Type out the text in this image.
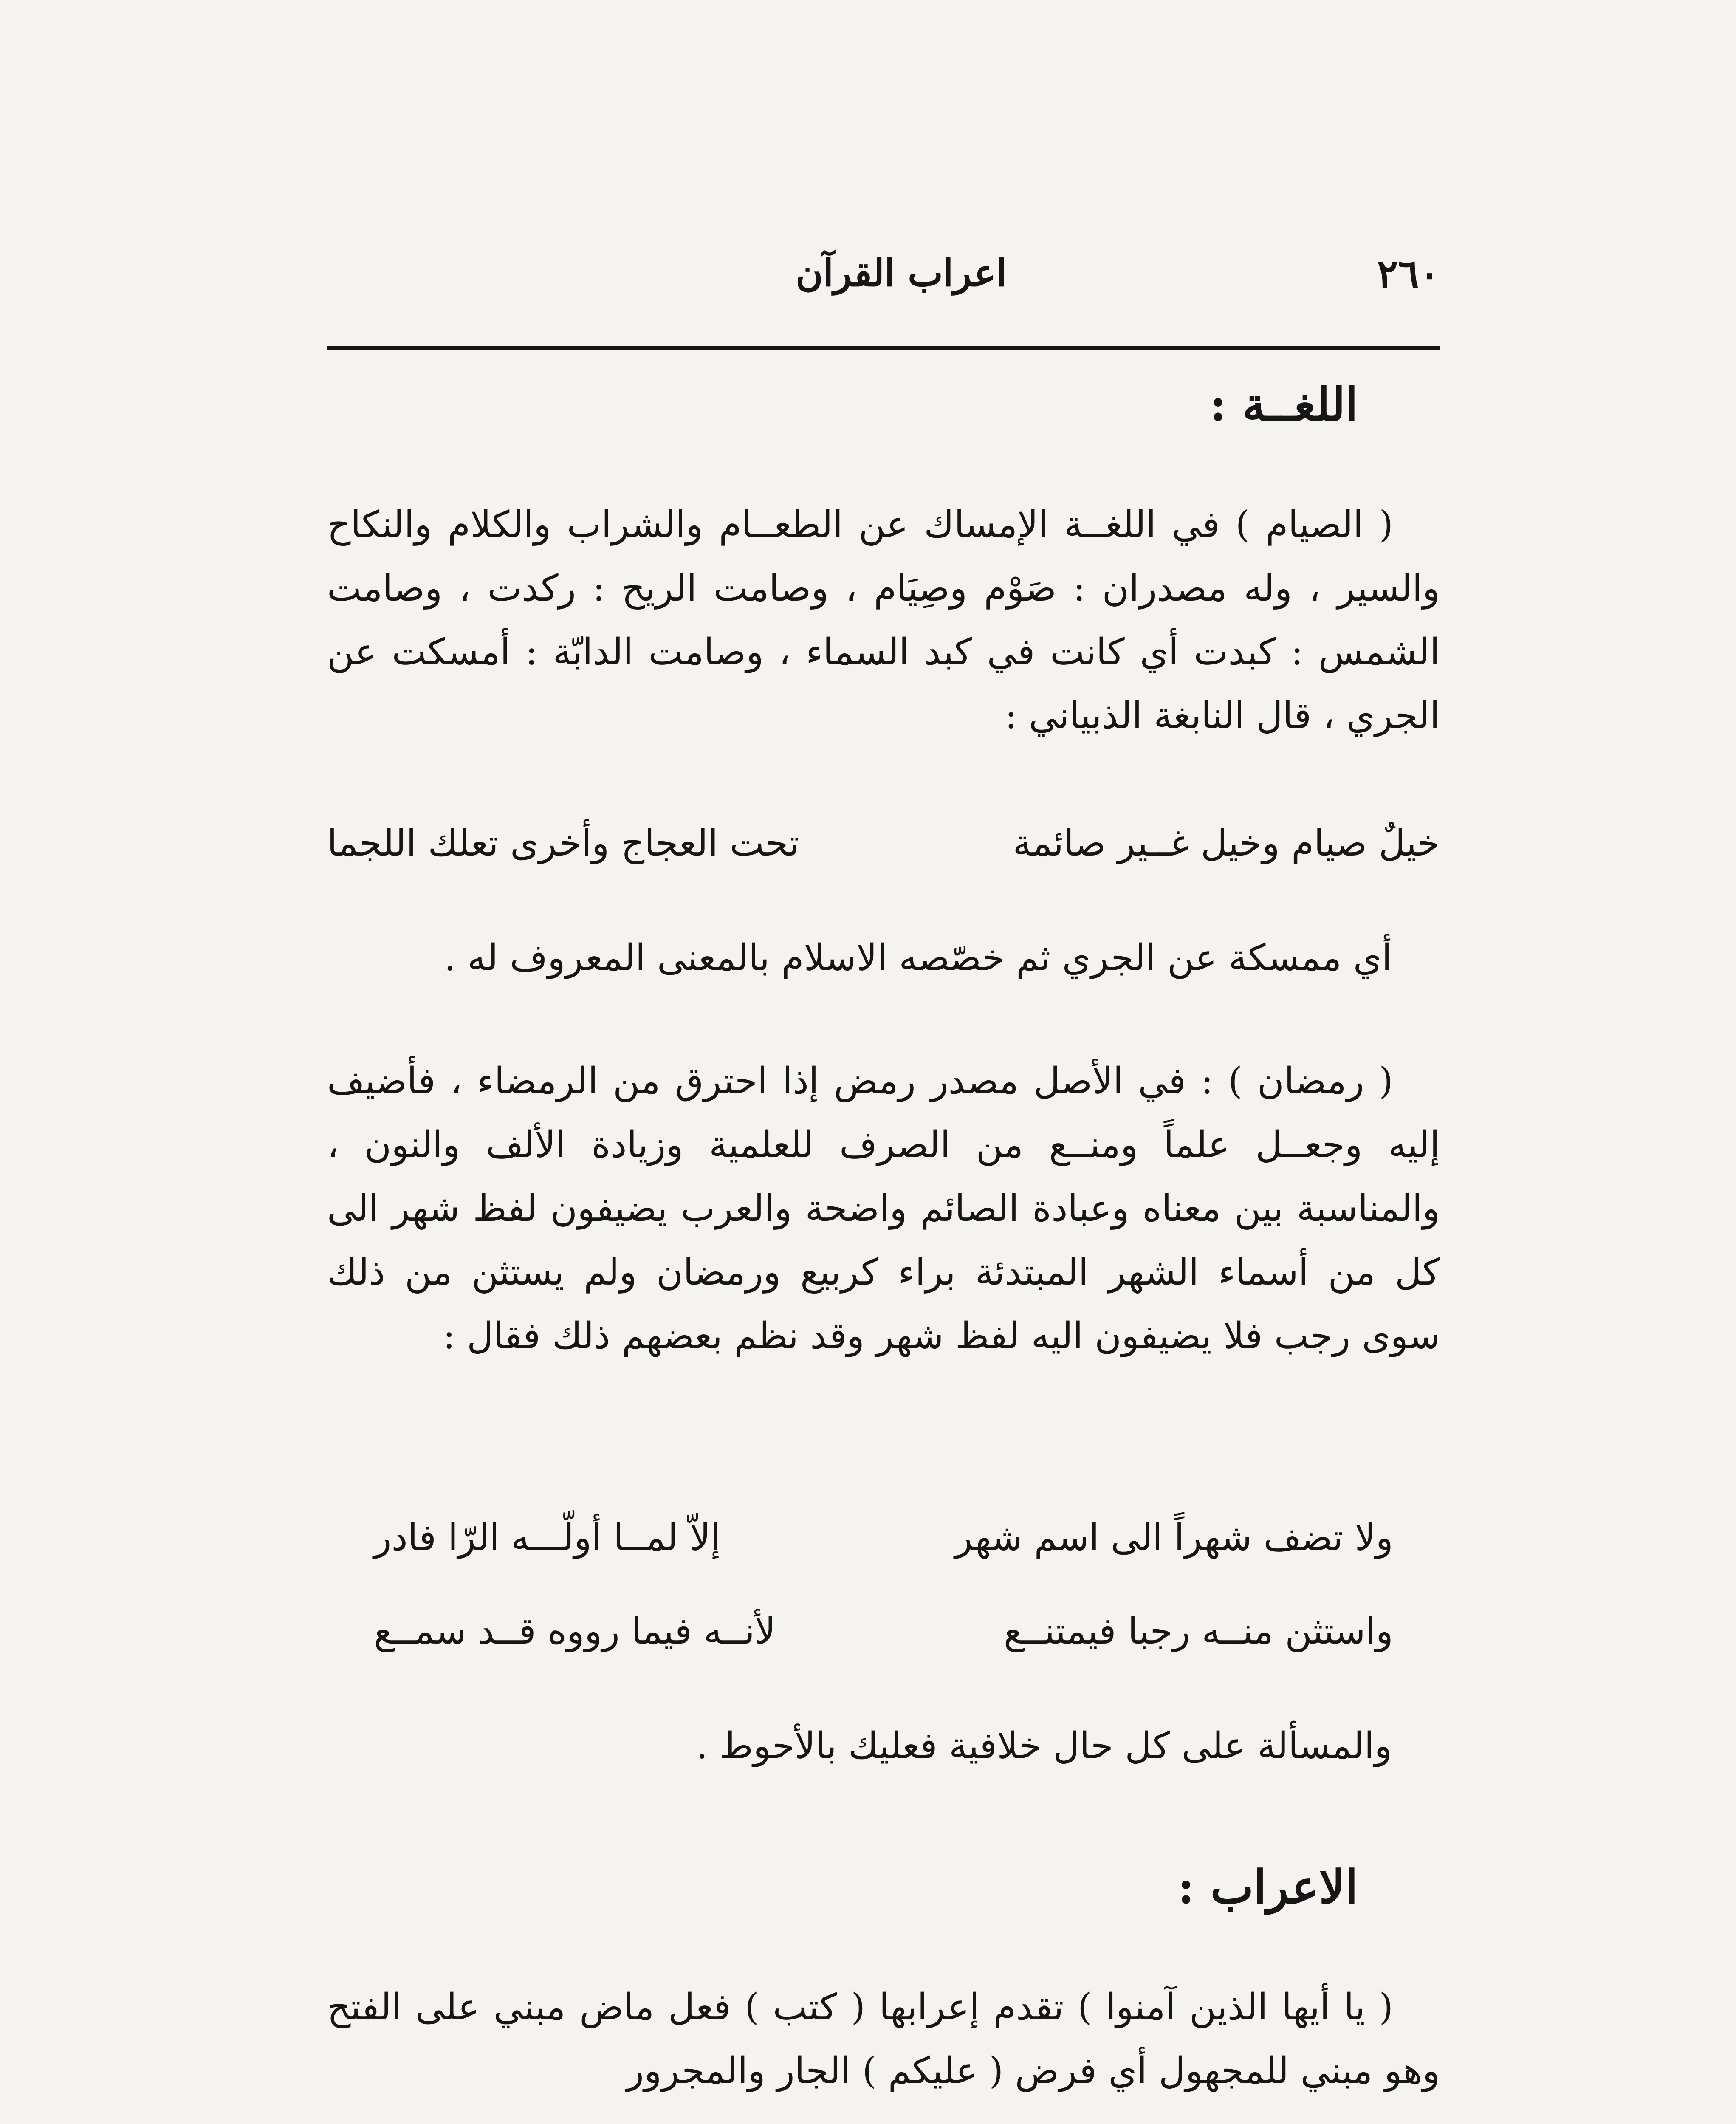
٢٦٠
اعراب القرآن
اللغــة :
( الصيام ) في اللغــة الإمساك عن الطعــام والشراب والكلام والنكاح والسير ، وله مصدران : صَوْم وصِيَام ، وصامت الريح : ركدت ، وصامت الشمس : كبدت أي كانت في كبد السماء ، وصامت الدابّة : أمسكت عن الجري ، قال النابغة الذبياني :
خيلٌ صيام وخيل غــير صائمة
تحت العجاج وأخرى تعلك اللجما
أي ممسكة عن الجري ثم خصّصه الاسلام بالمعنى المعروف له .
( رمضان ) : في الأصل مصدر رمض إذا احترق من الرمضاء ، فأضيف إليه وجعــل علماً ومنــع من الصرف للعلمية وزيادة الألف والنون ، والمناسبة بين معناه وعبادة الصائم واضحة والعرب يضيفون لفظ شهر الى كل من أسماء الشهر المبتدئة براء كربيع ورمضان ولم يستثن من ذلك سوى رجب فلا يضيفون اليه لفظ شهر وقد نظم بعضهم ذلك فقال :
ولا تضف شهراً الى اسم شهر
إلاّ لمــا أولّـــه الرّا فادر
واستثن منــه رجبا فيمتنــع
لأنــه فيما رووه قــد سمــع
والمسألة على كل حال خلافية فعليك بالأحوط .
الاعراب :
( يا أيها الذين آمنوا ) تقدم إعرابها ( كتب ) فعل ماض مبني على الفتح وهو مبني للمجهول أي فرض ( عليكم ) الجار والمجرور
